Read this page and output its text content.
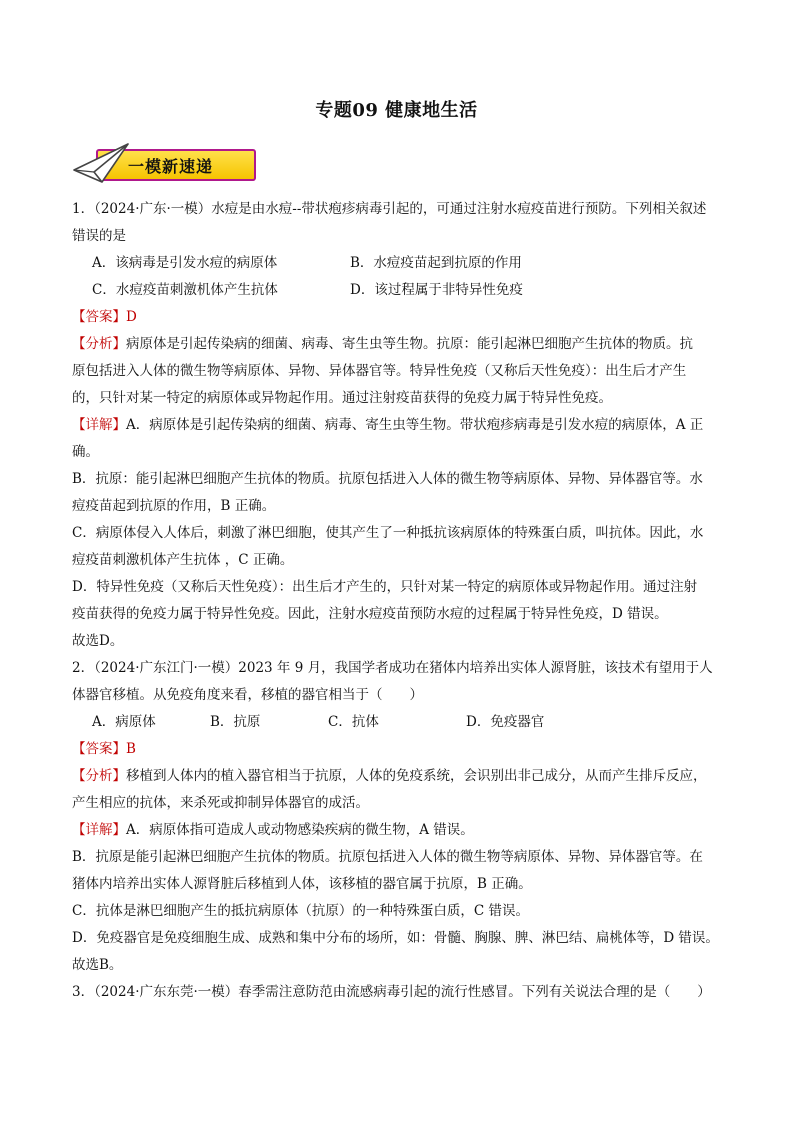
专题09 健康地生活
一模新速递

1．（2024·广东·一模）水痘是由水痘--带状疱疹病毒引起的，可通过注射水痘疫苗进行预防。下列相关叙述

错误的是

A．该病毒是引发水痘的病原体	B．水痘疫苗起到抗原的作用
C．水痘疫苗刺激机体产生抗体	D．该过程属于非特异性免疫

【答案】D

【分析】病原体是引起传染病的细菌、病毒、寄生虫等生物。抗原：能引起淋巴细胞产生抗体的物质。抗

原包括进入人体的微生物等病原体、异物、异体器官等。特异性免疫（又称后天性免疫）：出生后才产生

的，只针对某一特定的病原体或异物起作用。通过注射疫苗获得的免疫力属于特异性免疫。

【详解】A．病原体是引起传染病的细菌、病毒、寄生虫等生物。带状疱疹病毒是引发水痘的病原体，A 正

确。

B．抗原：能引起淋巴细胞产生抗体的物质。抗原包括进入人体的微生物等病原体、异物、异体器官等。水

痘疫苗起到抗原的作用，B 正确。

C．病原体侵入人体后，刺激了淋巴细胞，使其产生了一种抵抗该病原体的特殊蛋白质，叫抗体。因此，水

痘疫苗刺激机体产生抗体 ，C 正确。

D．特异性免疫（又称后天性免疫）：出生后才产生的，只针对某一特定的病原体或异物起作用。通过注射

疫苗获得的免疫力属于特异性免疫。因此，注射水痘疫苗预防水痘的过程属于特异性免疫，D 错误。

故选D。

2．（2024·广东江门·一模）2023 年 9 月，我国学者成功在猪体内培养出实体人源肾脏，该技术有望用于人

体器官移植。从免疫角度来看，移植的器官相当于（　　）

A．病原体	B．抗原	C．抗体	D．免疫器官

【答案】B

【分析】移植到人体内的植入器官相当于抗原，人体的免疫系统，会识别出非己成分，从而产生排斥反应，

产生相应的抗体，来杀死或抑制异体器官的成活。

【详解】A．病原体指可造成人或动物感染疾病的微生物，A 错误。

B．抗原是能引起淋巴细胞产生抗体的物质。抗原包括进入人体的微生物等病原体、异物、异体器官等。在

猪体内培养出实体人源肾脏后移植到人体，该移植的器官属于抗原，B 正确。

C．抗体是淋巴细胞产生的抵抗病原体（抗原）的一种特殊蛋白质，C 错误。

D．免疫器官是免疫细胞生成、成熟和集中分布的场所，如：骨髓、胸腺、脾、淋巴结、扁桃体等，D 错误。

故选B。

3．（2024·广东东莞·一模）春季需注意防范由流感病毒引起的流行性感冒。下列有关说法合理的是（　　）
